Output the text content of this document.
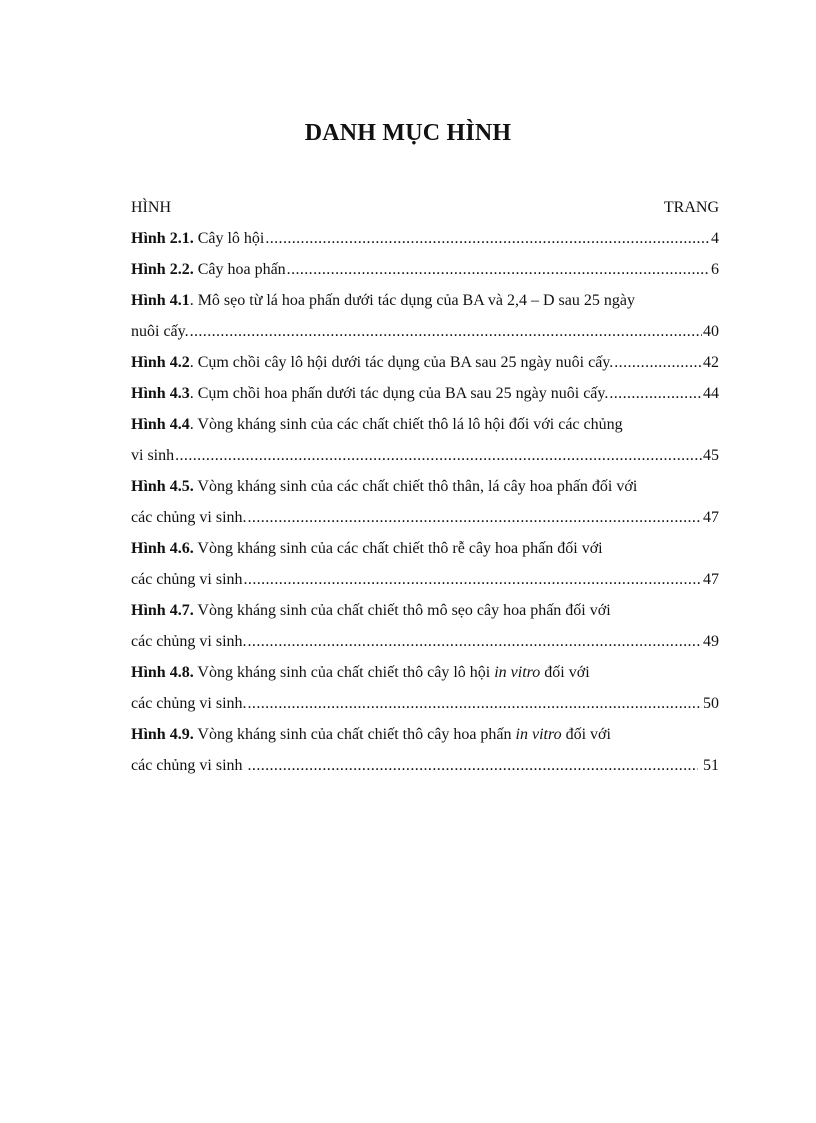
DANH MỤC HÌNH
HÌNH	TRANG
Hình 2.1. Cây lô hội .....	4
Hình 2.2. Cây hoa phấn .....	6
Hình 4.1. Mô sẹo từ lá hoa phấn dưới tác dụng của BA và 2,4 – D sau 25 ngày
nuôi cấy. .....	40
Hình 4.2. Cụm chồi cây lô hội dưới tác dụng của BA sau 25 ngày nuôi cấy. .....	42
Hình 4.3. Cụm chồi hoa phấn dưới tác dụng của BA sau 25 ngày nuôi cấy. .....	44
Hình 4.4. Vòng kháng sinh của các chất chiết thô lá lô hội đối với các chủng
vi sinh .....	45
Hình 4.5. Vòng kháng sinh của các chất chiết thô thân, lá cây hoa phấn đối với
các chủng vi sinh. .....	47
Hình 4.6. Vòng kháng sinh của các chất chiết thô rễ cây hoa phấn đối với
các chủng vi sinh .....	47
Hình 4.7. Vòng kháng sinh của chất chiết thô mô sẹo cây hoa phấn đối với
các chủng vi sinh. .....	49
Hình 4.8. Vòng kháng sinh của chất chiết thô cây lô hội in vitro đối với
các chủng vi sinh. .....	50
Hình 4.9. Vòng kháng sinh của chất chiết thô cây hoa phấn in vitro đối với
các chủng vi sinh .....	51
